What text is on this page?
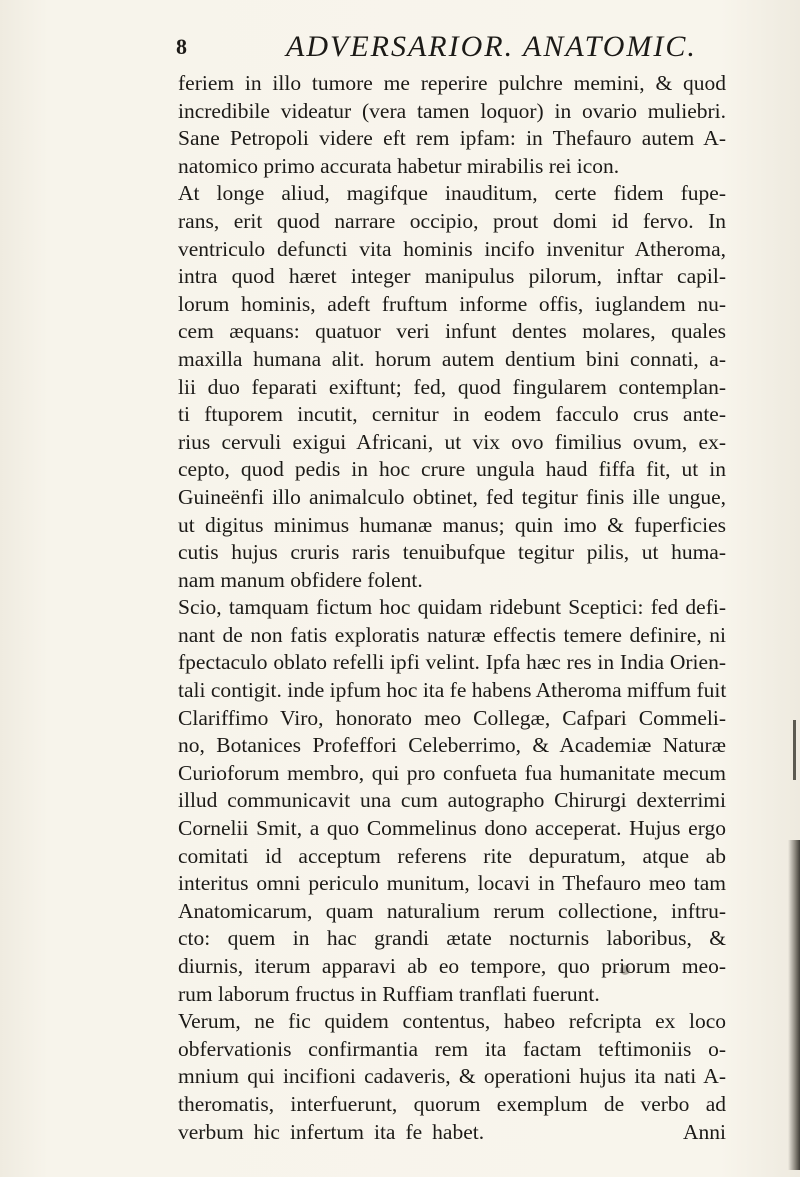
8	ADVERSARIOR. ANATOMIC.
feriem in illo tumore me reperire pulchre memini, & quod
incredibile videatur (vera tamen loquor) in ovario muliebri.
Sane Petropoli videre eft rem ipfam: in Thefauro autem A-
natomico primo accurata habetur mirabilis rei icon.
At longe aliud, magifque inauditum, certe fidem fupe-
rans, erit quod narrare occipio, prout domi id fervo. In
ventriculo defuncti vita hominis incifo invenitur Atheroma,
intra quod hæret integer manipulus pilorum, inftar capil-
lorum hominis, adeft fruftum informe offis, iuglandem nu-
cem æquans: quatuor veri infunt dentes molares, quales
maxilla humana alit. horum autem dentium bini connati, a-
lii duo feparati exiftunt; fed, quod fingularem contemplan-
ti ftuporem incutit, cernitur in eodem facculo crus ante-
rius cervuli exigui Africani, ut vix ovo fimilius ovum, ex-
cepto, quod pedis in hoc crure ungula haud fiffa fit, ut in
Guineënfi illo animalculo obtinet, fed tegitur finis ille ungue,
ut digitus minimus humanæ manus; quin imo & fuperficies
cutis hujus cruris raris tenuibufque tegitur pilis, ut huma-
nam manum obfidere folent.
Scio, tamquam fictum hoc quidam ridebunt Sceptici: fed defi-
nant de non fatis exploratis naturæ effectis temere definire, ni
fpectaculo oblato refelli ipfi velint. Ipfa hæc res in India Orien-
tali contigit. inde ipfum hoc ita fe habens Atheroma miffum fuit
Clariffimo Viro, honorato meo Collegæ, Cafpari Commeli-
no, Botanices Profeffori Celeberrimo, & Academiæ Naturæ
Curioforum membro, qui pro confueta fua humanitate mecum
illud communicavit una cum autographo Chirurgi dexterrimi
Cornelii Smit, a quo Commelinus dono acceperat. Hujus ergo
comitati id acceptum referens rite depuratum, atque ab
interitus omni periculo munitum, locavi in Thefauro meo tam
Anatomicarum, quam naturalium rerum collectione, inftru-
cto: quem in hac grandi ætate nocturnis laboribus, &
diurnis, iterum apparavi ab eo tempore, quo priorum meo-
rum laborum fructus in Ruffiam tranflati fuerunt.
Verum, ne fic quidem contentus, habeo refcripta ex loco
obfervationis confirmantia rem ita factam teftimoniis o-
mnium qui incifioni cadaveris, & operationi hujus ita nati A-
theromatis, interfuerunt, quorum exemplum de verbo ad
verbum hic infertum ita fe habet.                    Anni
